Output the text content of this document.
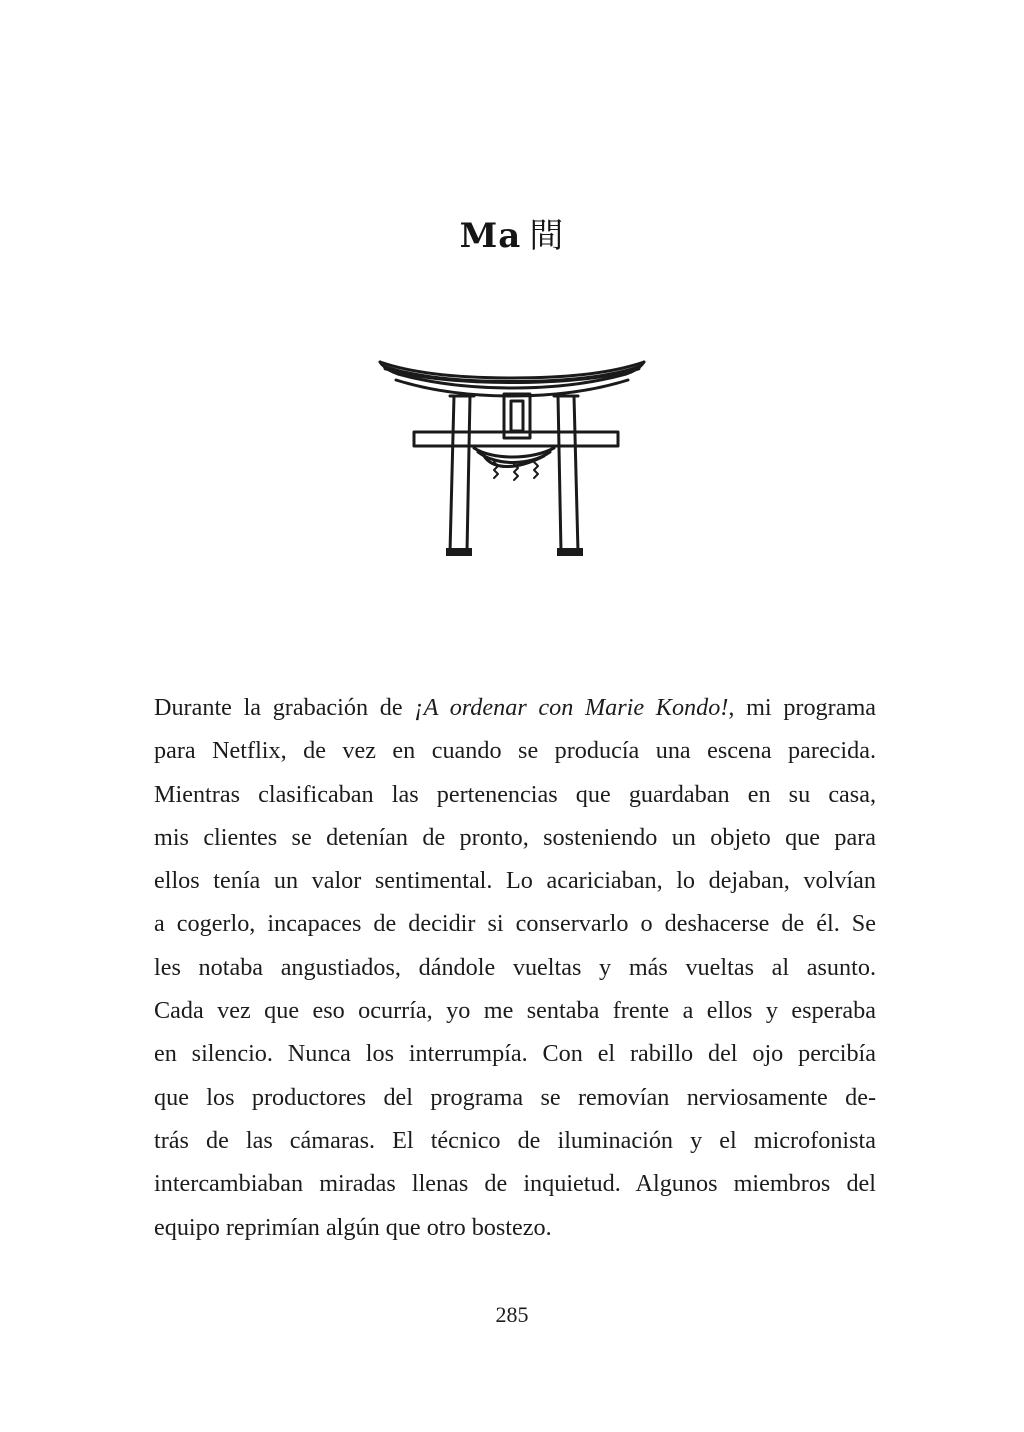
Ma 間
Durante la grabación de ¡A ordenar con Marie Kondo!, mi programa
para Netflix, de vez en cuando se producía una escena parecida.
Mientras clasificaban las pertenencias que guardaban en su casa,
mis clientes se detenían de pronto, sosteniendo un objeto que para
ellos tenía un valor sentimental. Lo acariciaban, lo dejaban, volvían
a cogerlo, incapaces de decidir si conservarlo o deshacerse de él. Se
les notaba angustiados, dándole vueltas y más vueltas al asunto.
Cada vez que eso ocurría, yo me sentaba frente a ellos y esperaba
en silencio. Nunca los interrumpía. Con el rabillo del ojo percibía
que los productores del programa se removían nerviosamente de-
trás de las cámaras. El técnico de iluminación y el microfonista
intercambiaban miradas llenas de inquietud. Algunos miembros del
equipo reprimían algún que otro bostezo.

285
